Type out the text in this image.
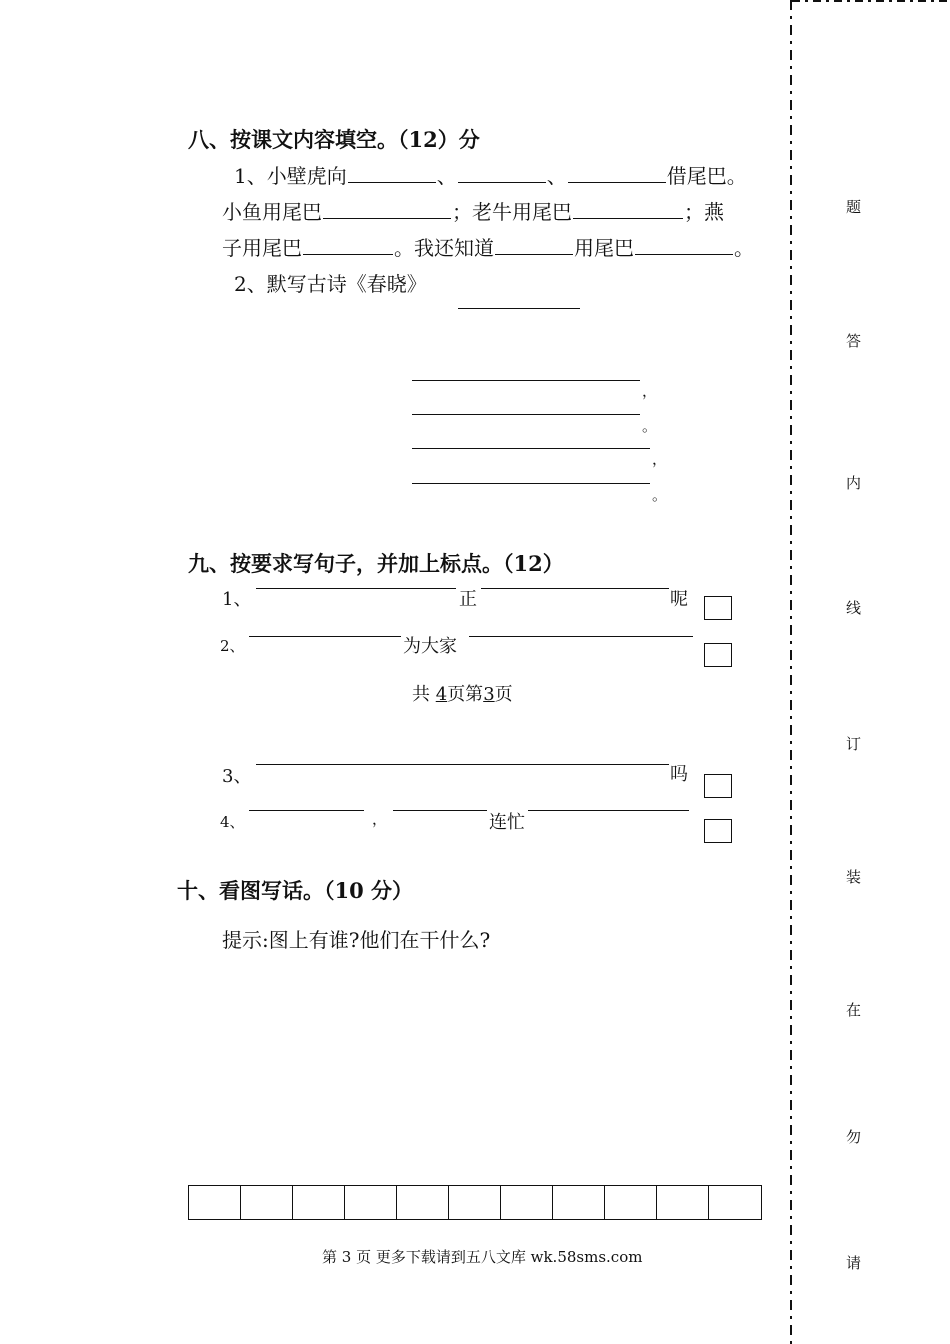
八、按课文内容填空。（12）分
1、小壁虎向	、	、	借尾巴。
小鱼用尾巴	；老牛用尾巴	；燕
子用尾巴	。我还知道	用尾巴	。
2、默写古诗《春晓》
，
。
，
。
九、按要求写句子，并加上标点。（12）
1、	正	呢
2、	为大家
共 4页第3页
3、	吗
4、	，	连忙
十、看图写话。（10 分）
提示:图上有谁?他们在干什么?
第 3 页 更多下载请到五八文库 wk.58sms.com
题
答
内
线
订
装
在
勿
请
